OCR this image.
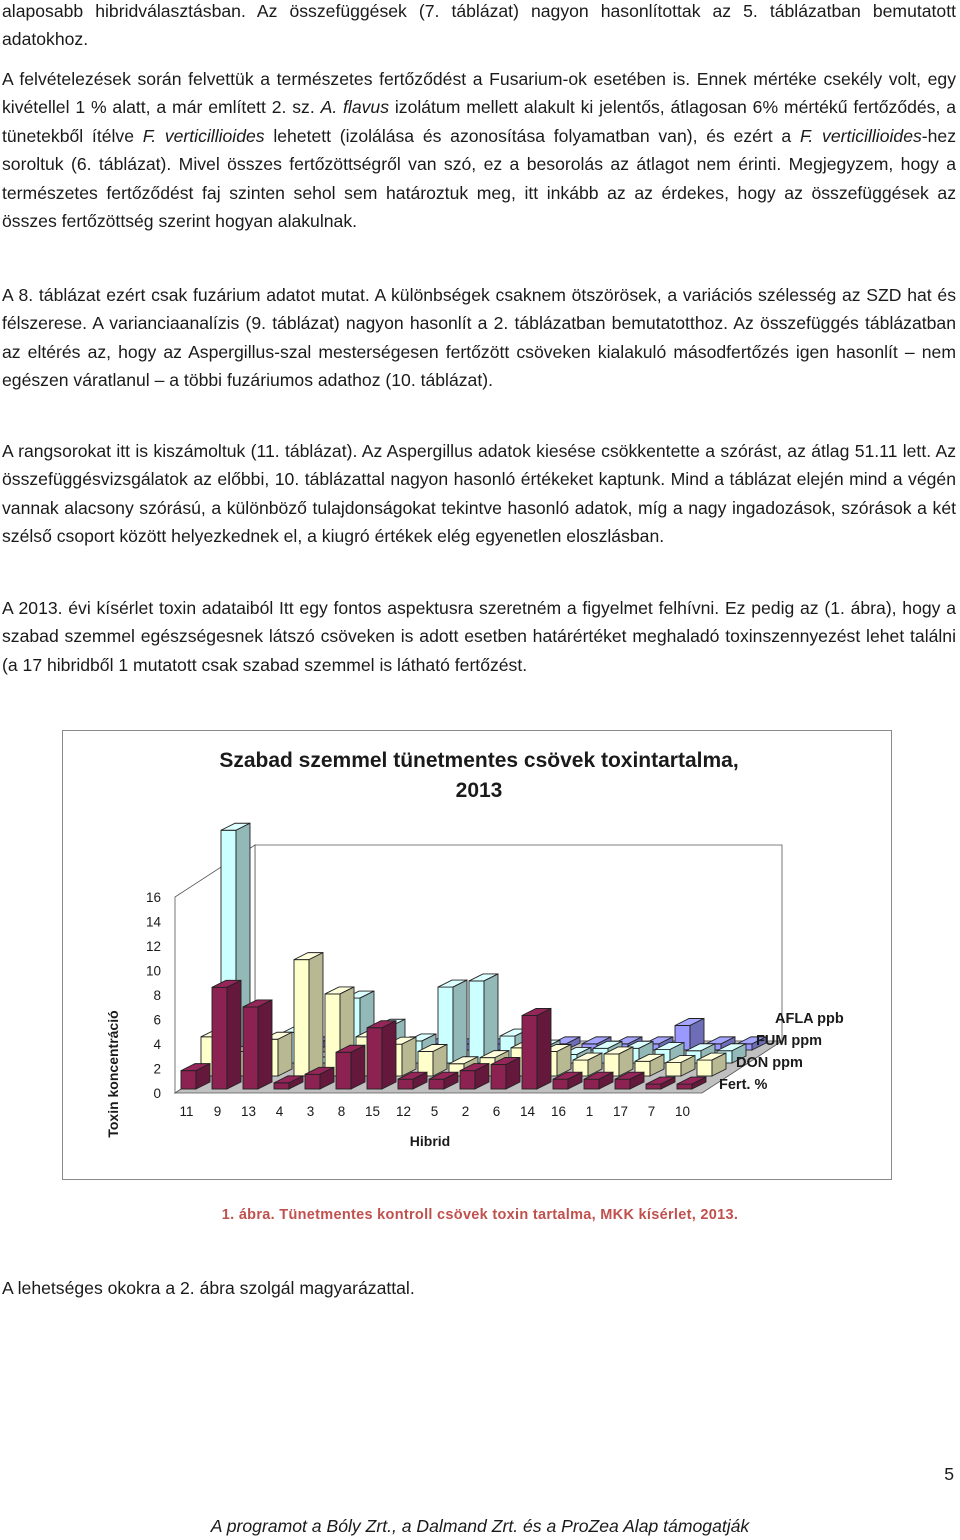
alaposabb hibridválasztásban. Az összefüggések (7. táblázat) nagyon hasonlítottak az 5. táblázatban bemutatott adatokhoz.

A felvételezések során felvettük a természetes fertőződést a Fusarium-ok esetében is. Ennek mértéke csekély volt, egy kivétellel 1 % alatt, a már említett 2. sz. A. flavus izolátum mellett alakult ki jelentős, átlagosan 6% mértékű fertőződés, a tünetekből ítélve F. verticillioides lehetett (izolálása és azonosítása folyamatban van), és ezért a F. verticillioides-hez soroltuk (6. táblázat). Mivel összes fertőzöttségről van szó, ez a besorolás az átlagot nem érinti. Megjegyzem, hogy a természetes fertőződést faj szinten sehol sem határoztuk meg, itt inkább az az érdekes, hogy az összefüggések az összes fertőzöttség szerint hogyan alakulnak.

A 8. táblázat ezért csak fuzárium adatot mutat. A különbségek csaknem ötszörösek, a variációs szélesség az SZD hat és félszerese. A varianciaanalízis (9. táblázat) nagyon hasonlít a 2. táblázatban bemutatotthoz. Az összefüggés táblázatban az eltérés az, hogy az Aspergillus-szal mesterségesen fertőzött csöveken kialakuló másodfertőzés igen hasonlít – nem egészen váratlanul – a többi fuzáriumos adathoz (10. táblázat).

A rangsorokat itt is kiszámoltuk (11. táblázat). Az Aspergillus adatok kiesése csökkentette a szórást, az átlag 51.11 lett. Az összefüggésvizsgálatok az előbbi, 10. táblázattal nagyon hasonló értékeket kaptunk. Mind a táblázat elején mind a végén vannak alacsony szórású, a különböző tulajdonságokat tekintve hasonló adatok, míg a nagy ingadozások, szórások a két szélső csoport között helyezkednek el, a kiugró értékek elég egyenetlen eloszlásban.

A 2013. évi kísérlet toxin adataiból Itt egy fontos aspektusra szeretném a figyelmet felhívni. Ez pedig az (1. ábra), hogy a szabad szemmel egészségesnek látszó csöveken is adott esetben határértéket meghaladó toxinszennyezést lehet találni (a 17 hibridből 1 mutatott csak szabad szemmel is látható fertőzést.

Szabad szemmel tünetmentes csövek toxintartalma,
2013
Toxin koncentráció
Hibrid
0
2
4
6
8
10
12
14
16
11 9 13 4 3 8 15 12 5 2 6 14 16 1 17 7 10
AFLA ppb
FUM ppm
DON ppm
Fert. %
1. ábra. Tünetmentes kontroll csövek toxin tartalma, MKK kísérlet, 2013.
A lehetséges okokra a 2. ábra szolgál magyarázattal.
5
A programot a Bóly Zrt., a Dalmand Zrt. és a ProZea Alap támogatják
